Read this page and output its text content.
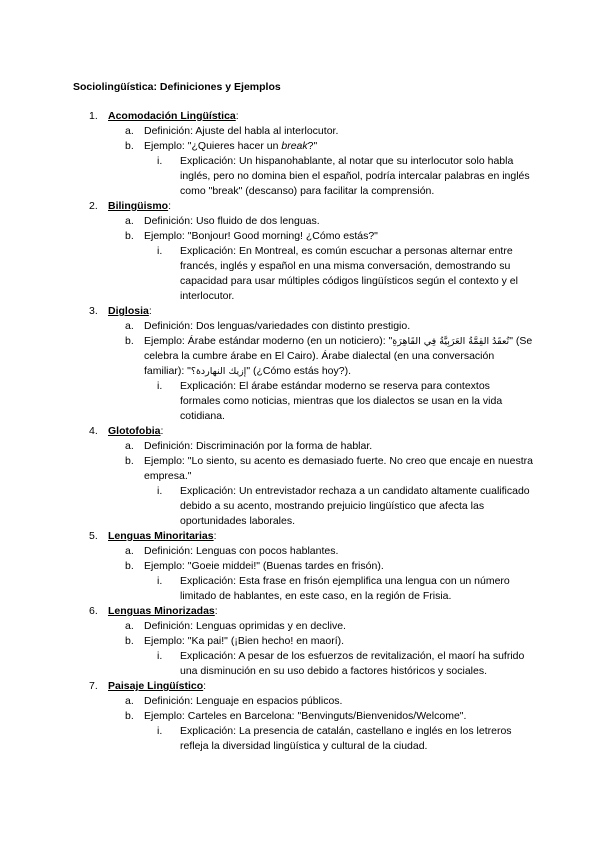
Sociolingüística: Definiciones y Ejemplos
1. Acomodación Lingüística:
a. Definición: Ajuste del habla al interlocutor.
b. Ejemplo: "¿Quieres hacer un break?"
i. Explicación: Un hispanohablante, al notar que su interlocutor solo habla inglés, pero no domina bien el español, podría intercalar palabras en inglés como "break" (descanso) para facilitar la comprensión.
2. Bilingüismo:
a. Definición: Uso fluido de dos lenguas.
b. Ejemplo: "Bonjour! Good morning! ¿Cómo estás?"
i. Explicación: En Montreal, es común escuchar a personas alternar entre francés, inglés y español en una misma conversación, demostrando su capacidad para usar múltiples códigos lingüísticos según el contexto y el interlocutor.
3. Diglosia:
a. Definición: Dos lenguas/variedades con distinto prestigio.
b. Ejemplo: Árabe estándar moderno (en un noticiero): "تُعقَدُ القِمَّةُ العَرَبِيَّةُ فِي القَاهِرَةِ" (Se celebra la cumbre árabe en El Cairo). Árabe dialectal (en una conversación familiar): "إزيك النهاردة؟" (¿Cómo estás hoy?).
i. Explicación: El árabe estándar moderno se reserva para contextos formales como noticias, mientras que los dialectos se usan en la vida cotidiana.
4. Glotofobia:
a. Definición: Discriminación por la forma de hablar.
b. Ejemplo: "Lo siento, su acento es demasiado fuerte. No creo que encaje en nuestra empresa."
i. Explicación: Un entrevistador rechaza a un candidato altamente cualificado debido a su acento, mostrando prejuicio lingüístico que afecta las oportunidades laborales.
5. Lenguas Minoritarias:
a. Definición: Lenguas con pocos hablantes.
b. Ejemplo: "Goeie middei!" (Buenas tardes en frisón).
i. Explicación: Esta frase en frisón ejemplifica una lengua con un número limitado de hablantes, en este caso, en la región de Frisia.
6. Lenguas Minorizadas:
a. Definición: Lenguas oprimidas y en declive.
b. Ejemplo: "Ka pai!" (¡Bien hecho! en maorí).
i. Explicación: A pesar de los esfuerzos de revitalización, el maorí ha sufrido una disminución en su uso debido a factores históricos y sociales.
7. Paisaje Lingüístico:
a. Definición: Lenguaje en espacios públicos.
b. Ejemplo: Carteles en Barcelona: "Benvinguts/Bienvenidos/Welcome".
i. Explicación: La presencia de catalán, castellano e inglés en los letreros refleja la diversidad lingüística y cultural de la ciudad.
